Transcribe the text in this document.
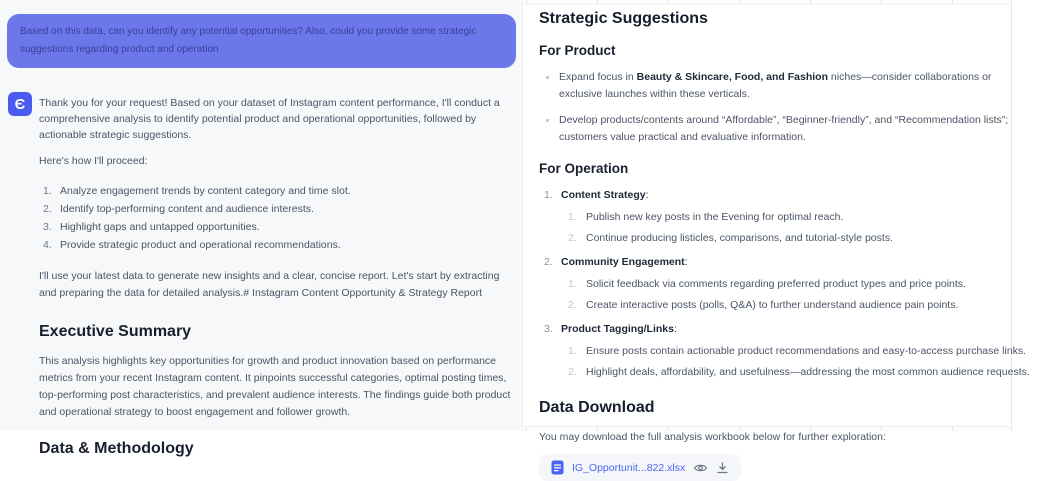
Based on this data, can you identify any potential opportunities? Also, could you provide some strategic suggestions regarding product and operation
Є	Thank you for your request! Based on your dataset of Instagram content performance, I'll conduct a comprehensive analysis to identify potential product and operational opportunities, followed by actionable strategic suggestions.
Here's how I'll proceed:
Analyze engagement trends by content category and time slot.
Identify top-performing content and audience interests.
Highlight gaps and untapped opportunities.
Provide strategic product and operational recommendations.
I'll use your latest data to generate new insights and a clear, concise report. Let's start by extracting and preparing the data for detailed analysis.# Instagram Content Opportunity & Strategy Report
Executive Summary
This analysis highlights key opportunities for growth and product innovation based on performance metrics from your recent Instagram content. It pinpoints successful categories, optimal posting times, top-performing post characteristics, and prevalent audience interests. The findings guide both product and operational strategy to boost engagement and follower growth.
Data & Methodology
Strategic Suggestions
For Product
Expand focus in Beauty & Skincare, Food, and Fashion niches—consider collaborations or exclusive launches within these verticals.
Develop products/contents around “Affordable”, “Beginner-friendly”, and “Recommendation lists”; customers value practical and evaluative information.
For Operation
Content Strategy:
Publish new key posts in the Evening for optimal reach.
Continue producing listicles, comparisons, and tutorial-style posts.
Community Engagement:
Solicit feedback via comments regarding preferred product types and price points.
Create interactive posts (polls, Q&A) to further understand audience pain points.
Product Tagging/Links:
Ensure posts contain actionable product recommendations and easy-to-access purchase links.
Highlight deals, affordability, and usefulness—addressing the most common audience requests.
Data Download
You may download the full analysis workbook below for further exploration:
IG_Opportunit...822.xlsx
